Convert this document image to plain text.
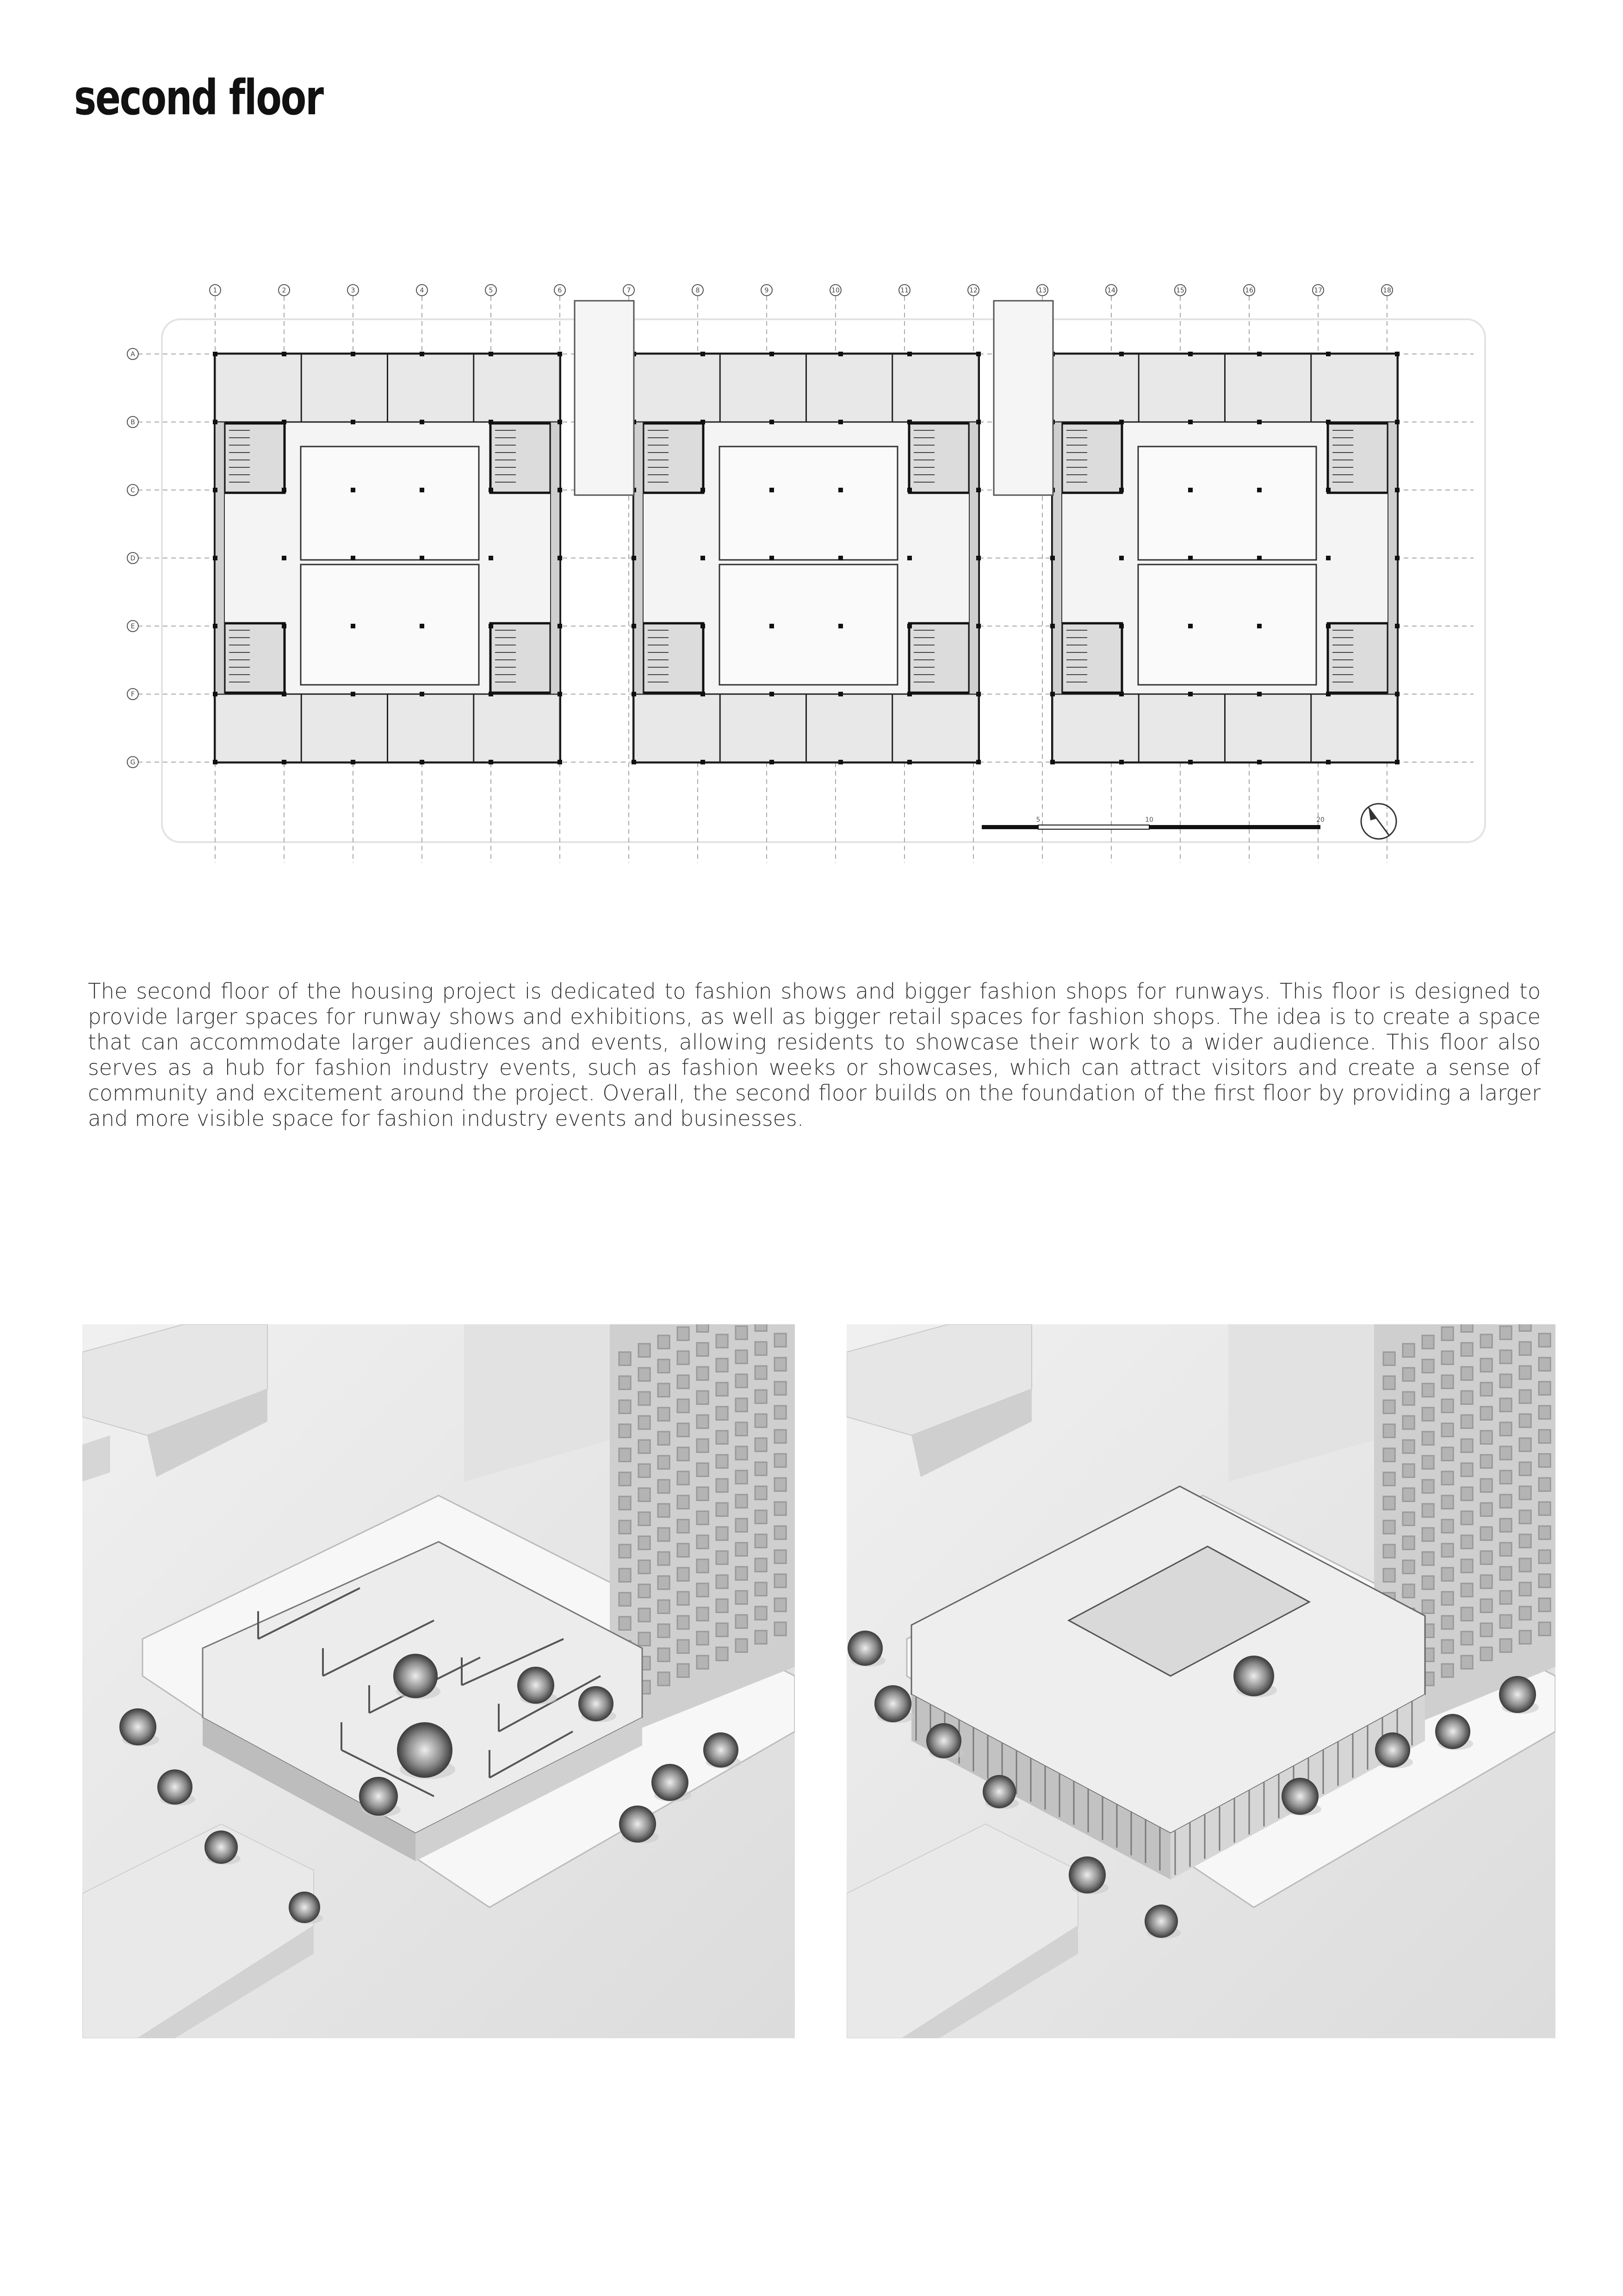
second floor
1	2	3	4	5	6	7	8	9	10	11	12	13	14	15	16	17	18
A
B
C
D
E
F
G
5	10	20

The second floor of the housing project is dedicated to fashion shows and bigger fashion shops for runways. This floor is designed to provide larger spaces for runway shows and exhibitions, as well as bigger retail spaces for fashion shops. The idea is to create a space that can accommodate larger audiences and events, allowing residents to showcase their work to a wider audience. This floor also serves as a hub for fashion industry events, such as fashion weeks or showcases, which can attract visitors and create a sense of community and excitement around the project. Overall, the second floor builds on the foundation of the first floor by providing a larger and more visible space for fashion industry events and businesses.
